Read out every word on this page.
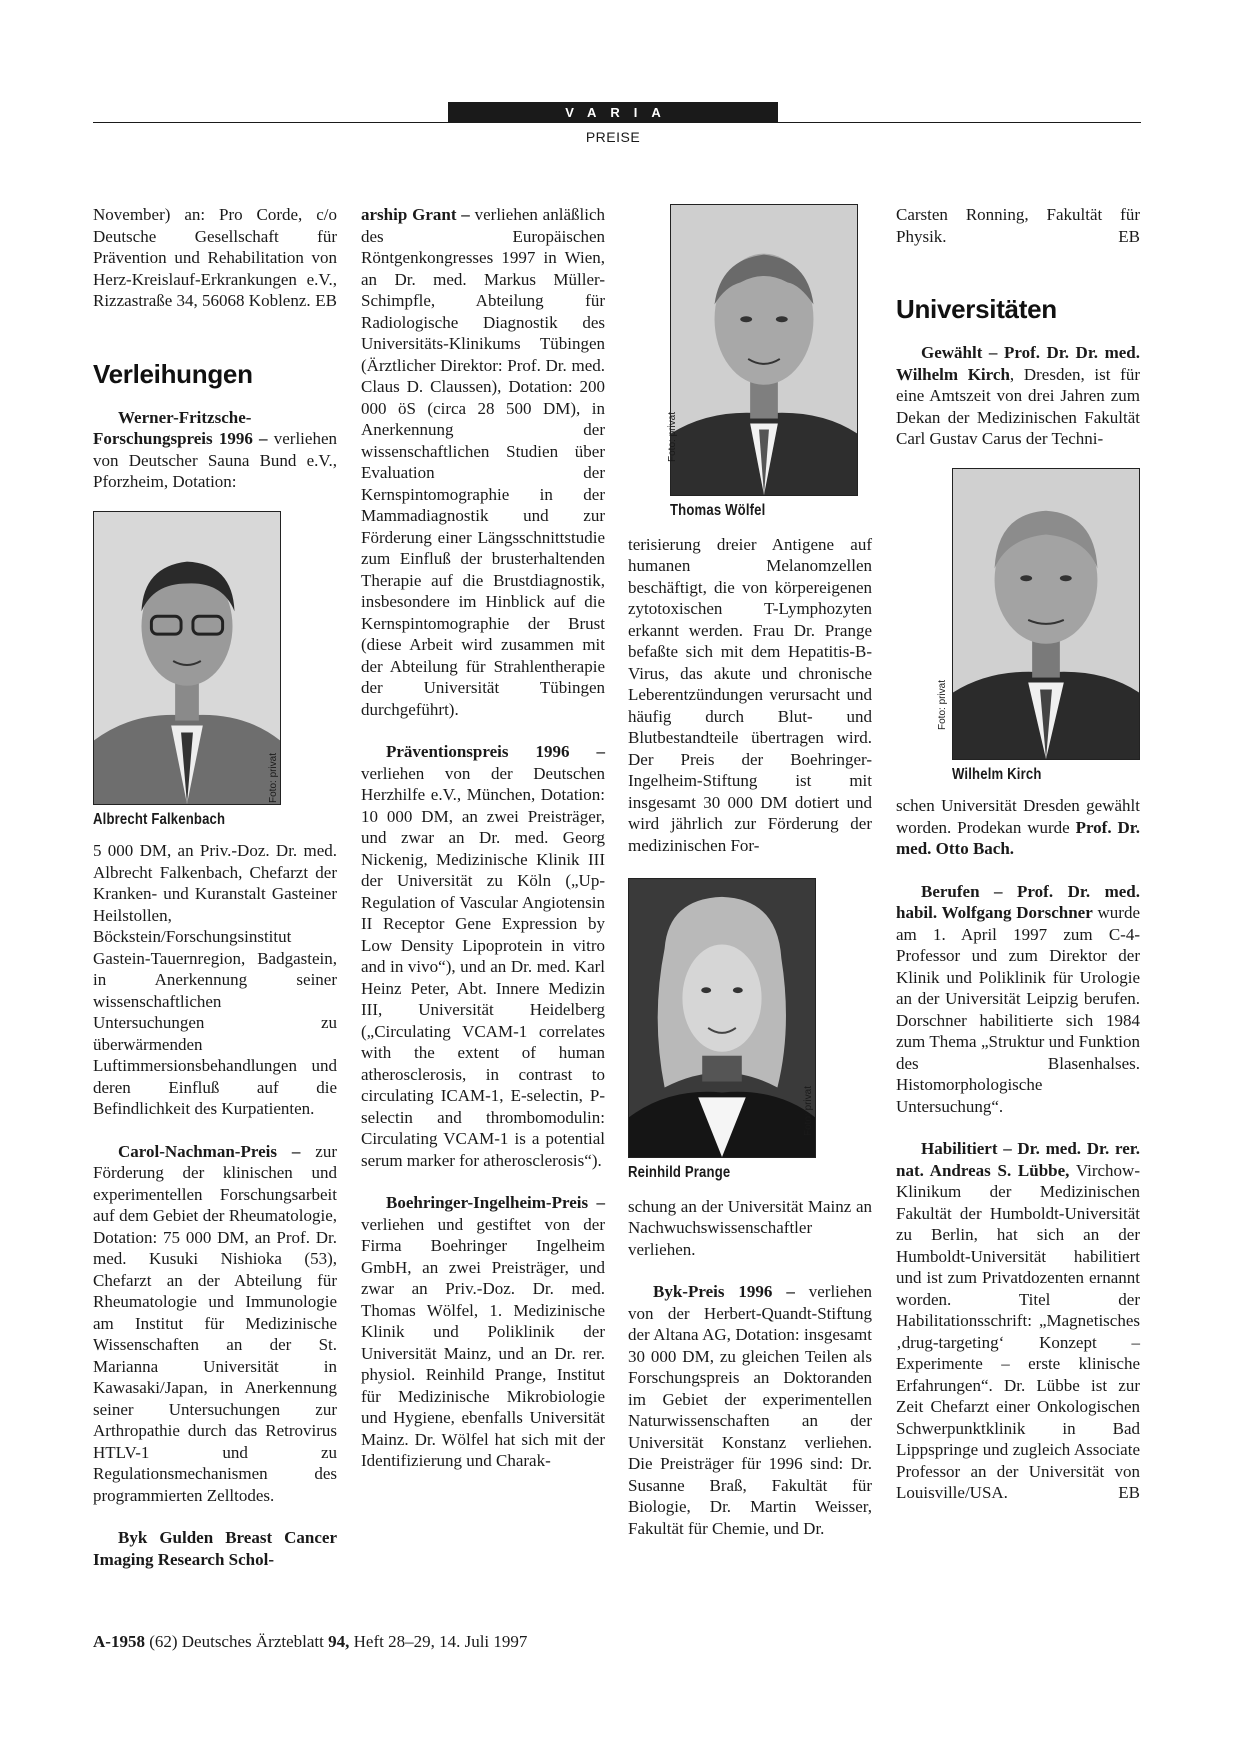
VARIA
PREISE

November) an: Pro Corde, c/o Deutsche Gesellschaft für Prävention und Rehabilitation von Herz-Kreislauf-Erkrankungen e.V., Rizzastraße 34, 56068 Koblenz. EB

Verleihungen

Werner-Fritzsche-Forschungspreis 1996 – verliehen von Deutscher Sauna Bund e.V., Pforzheim, Dotation:

Foto: privat
Albrecht Falkenbach

5 000 DM, an Priv.-Doz. Dr. med. Albrecht Falkenbach, Chefarzt der Kranken- und Kuranstalt Gasteiner Heilstollen, Böckstein/Forschungsinstitut Gastein-Tauernregion, Badgastein, in Anerkennung seiner wissenschaftlichen Untersuchungen zu überwärmenden Luftimmersionsbehandlungen und deren Einfluß auf die Befindlichkeit des Kurpatienten.

Carol-Nachman-Preis – zur Förderung der klinischen und experimentellen Forschungsarbeit auf dem Gebiet der Rheumatologie, Dotation: 75 000 DM, an Prof. Dr. med. Kusuki Nishioka (53), Chefarzt an der Abteilung für Rheumatologie und Immunologie am Institut für Medizinische Wissenschaften an der St. Marianna Universität in Kawasaki/Japan, in Anerkennung seiner Untersuchungen zur Arthropathie durch das Retrovirus HTLV-1 und zu Regulationsmechanismen des programmierten Zelltodes.

Byk Gulden Breast Cancer Imaging Research Schol-

arship Grant – verliehen anläßlich des Europäischen Röntgenkongresses 1997 in Wien, an Dr. med. Markus Müller-Schimpfle, Abteilung für Radiologische Diagnostik des Universitäts-Klinikums Tübingen (Ärztlicher Direktor: Prof. Dr. med. Claus D. Claussen), Dotation: 200 000 öS (circa 28 500 DM), in Anerkennung der wissenschaftlichen Studien über Evaluation der Kernspintomographie in der Mammadiagnostik und zur Förderung einer Längsschnittstudie zum Einfluß der brusterhaltenden Therapie auf die Brustdiagnostik, insbesondere im Hinblick auf die Kernspintomographie der Brust (diese Arbeit wird zusammen mit der Abteilung für Strahlentherapie der Universität Tübingen durchgeführt).

Präventionspreis 1996 – verliehen von der Deutschen Herzhilfe e.V., München, Dotation: 10 000 DM, an zwei Preisträger, und zwar an Dr. med. Georg Nickenig, Medizinische Klinik III der Universität zu Köln („Up-Regulation of Vascular Angiotensin II Receptor Gene Expression by Low Density Lipoprotein in vitro and in vivo“), und an Dr. med. Karl Heinz Peter, Abt. Innere Medizin III, Universität Heidelberg („Circulating VCAM-1 correlates with the extent of human atherosclerosis, in contrast to circulating ICAM-1, E-selectin, P-selectin and thrombomodulin: Circulating VCAM-1 is a potential serum marker for atherosclerosis“).

Boehringer-Ingelheim-Preis – verliehen und gestiftet von der Firma Boehringer Ingelheim GmbH, an zwei Preisträger, und zwar an Priv.-Doz. Dr. med. Thomas Wölfel, 1. Medizinische Klinik und Poliklinik der Universität Mainz, und an Dr. rer. physiol. Reinhild Prange, Institut für Medizinische Mikrobiologie und Hygiene, ebenfalls Universität Mainz. Dr. Wölfel hat sich mit der Identifizierung und Charak-

Foto: privat
Thomas Wölfel

terisierung dreier Antigene auf humanen Melanomzellen beschäftigt, die von körpereigenen zytotoxischen T-Lymphozyten erkannt werden. Frau Dr. Prange befaßte sich mit dem Hepatitis-B-Virus, das akute und chronische Leberentzündungen verursacht und häufig durch Blut- und Blutbestandteile übertragen wird. Der Preis der Boehringer-Ingelheim-Stiftung ist mit insgesamt 30 000 DM dotiert und wird jährlich zur Förderung der medizinischen For-

Foto: privat
Reinhild Prange

schung an der Universität Mainz an Nachwuchswissenschaftler verliehen.

Byk-Preis 1996 – verliehen von der Herbert-Quandt-Stiftung der Altana AG, Dotation: insgesamt 30 000 DM, zu gleichen Teilen als Forschungspreis an Doktoranden im Gebiet der experimentellen Naturwissenschaften an der Universität Konstanz verliehen. Die Preisträger für 1996 sind: Dr. Susanne Braß, Fakultät für Biologie, Dr. Martin Weisser, Fakultät für Chemie, und Dr.

Carsten Ronning, Fakultät für Physik.	EB

Universitäten

Gewählt – Prof. Dr. Dr. med. Wilhelm Kirch, Dresden, ist für eine Amtszeit von drei Jahren zum Dekan der Medizinischen Fakultät Carl Gustav Carus der Techni-

Foto: privat
Wilhelm Kirch

schen Universität Dresden gewählt worden. Prodekan wurde Prof. Dr. med. Otto Bach.

Berufen – Prof. Dr. med. habil. Wolfgang Dorschner wurde am 1. April 1997 zum C-4-Professor und zum Direktor der Klinik und Poliklinik für Urologie an der Universität Leipzig berufen. Dorschner habilitierte sich 1984 zum Thema „Struktur und Funktion des Blasenhalses. Histomorphologische Untersuchung“.

Habilitiert – Dr. med. Dr. rer. nat. Andreas S. Lübbe, Virchow-Klinikum der Medizinischen Fakultät der Humboldt-Universität zu Berlin, hat sich an der Humboldt-Universität habilitiert und ist zum Privatdozenten ernannt worden. Titel der Habilitationsschrift: „Magnetisches ‚drug-targeting‘ Konzept – Experimente – erste klinische Erfahrungen“. Dr. Lübbe ist zur Zeit Chefarzt einer Onkologischen Schwerpunktklinik in Bad Lippspringe und zugleich Associate Professor an der Universität von Louisville/USA.	EB

A-1958 (62) Deutsches Ärzteblatt 94, Heft 28–29, 14. Juli 1997
